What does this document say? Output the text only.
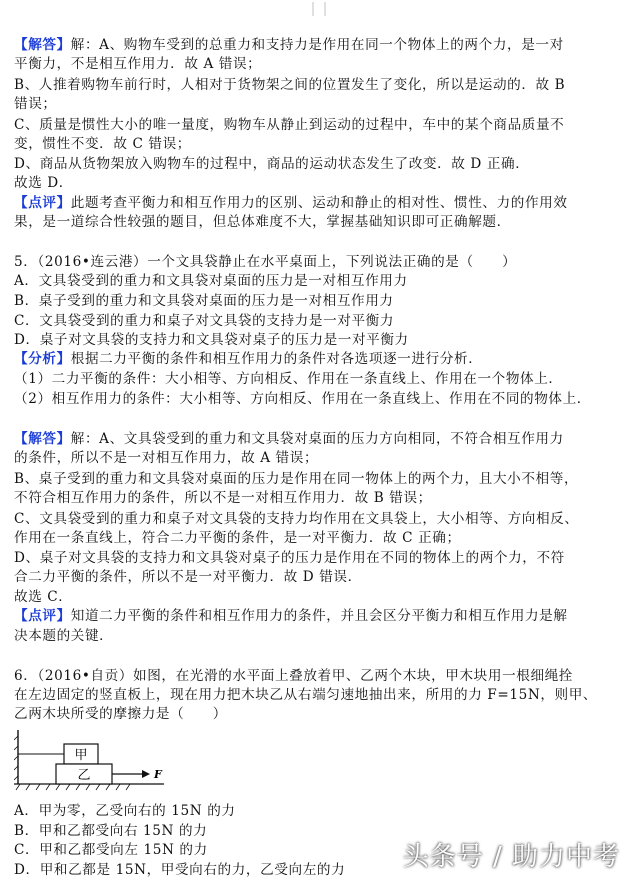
【解答】解：A、购物车受到的总重力和支持力是作用在同一个物体上的两个力，是一对
平衡力，不是相互作用力．故 A 错误；
B、人推着购物车前行时，人相对于货物架之间的位置发生了变化，所以是运动的．故 B
错误；
C、质量是惯性大小的唯一量度，购物车从静止到运动的过程中，车中的某个商品质量不
变，惯性不变．故 C 错误；
D、商品从货物架放入购物车的过程中，商品的运动状态发生了改变．故 D 正确．
故选 D．
【点评】此题考查平衡力和相互作用力的区别、运动和静止的相对性、惯性、力的作用效
果，是一道综合性较强的题目，但总体难度不大，掌握基础知识即可正确解题．
5．（2016•连云港）一个文具袋静止在水平桌面上，下列说法正确的是（　　）
A．文具袋受到的重力和文具袋对桌面的压力是一对相互作用力
B．桌子受到的重力和文具袋对桌面的压力是一对相互作用力
C．文具袋受到的重力和桌子对文具袋的支持力是一对平衡力
D．桌子对文具袋的支持力和文具袋对桌子的压力是一对平衡力
【分析】根据二力平衡的条件和相互作用力的条件对各选项逐一进行分析．
（1）二力平衡的条件：大小相等、方向相反、作用在一条直线上、作用在一个物体上．
（2）相互作用力的条件：大小相等、方向相反、作用在一条直线上、作用在不同的物体上．
【解答】解：A、文具袋受到的重力和文具袋对桌面的压力方向相同，不符合相互作用力
的条件，所以不是一对相互作用力，故 A 错误；
B、桌子受到的重力和文具袋对桌面的压力是作用在同一物体上的两个力，且大小不相等，
不符合相互作用力的条件，所以不是一对相互作用力．故 B 错误；
C、文具袋受到的重力和桌子对文具袋的支持力均作用在文具袋上，大小相等、方向相反、
作用在一条直线上，符合二力平衡的条件，是一对平衡力．故 C 正确；
D、桌子对文具袋的支持力和文具袋对桌子的压力是作用在不同的物体上的两个力，不符
合二力平衡的条件，所以不是一对平衡力．故 D 错误．
故选 C．
【点评】知道二力平衡的条件和相互作用力的条件，并且会区分平衡力和相互作用力是解
决本题的关键．
6．（2016•自贡）如图，在光滑的水平面上叠放着甲、乙两个木块，甲木块用一根细绳拴
在左边固定的竖直板上，现在用力把木块乙从右端匀速地抽出来，所用的力 F=15N，则甲、
乙两木块所受的摩擦力是（　　）
甲
乙	F
A．甲为零，乙受向右的 15N 的力
B．甲和乙都受向右 15N 的力
C．甲和乙都受向左 15N 的力
D．甲和乙都是 15N，甲受向右的力，乙受向左的力	头条号 / 助力中考
